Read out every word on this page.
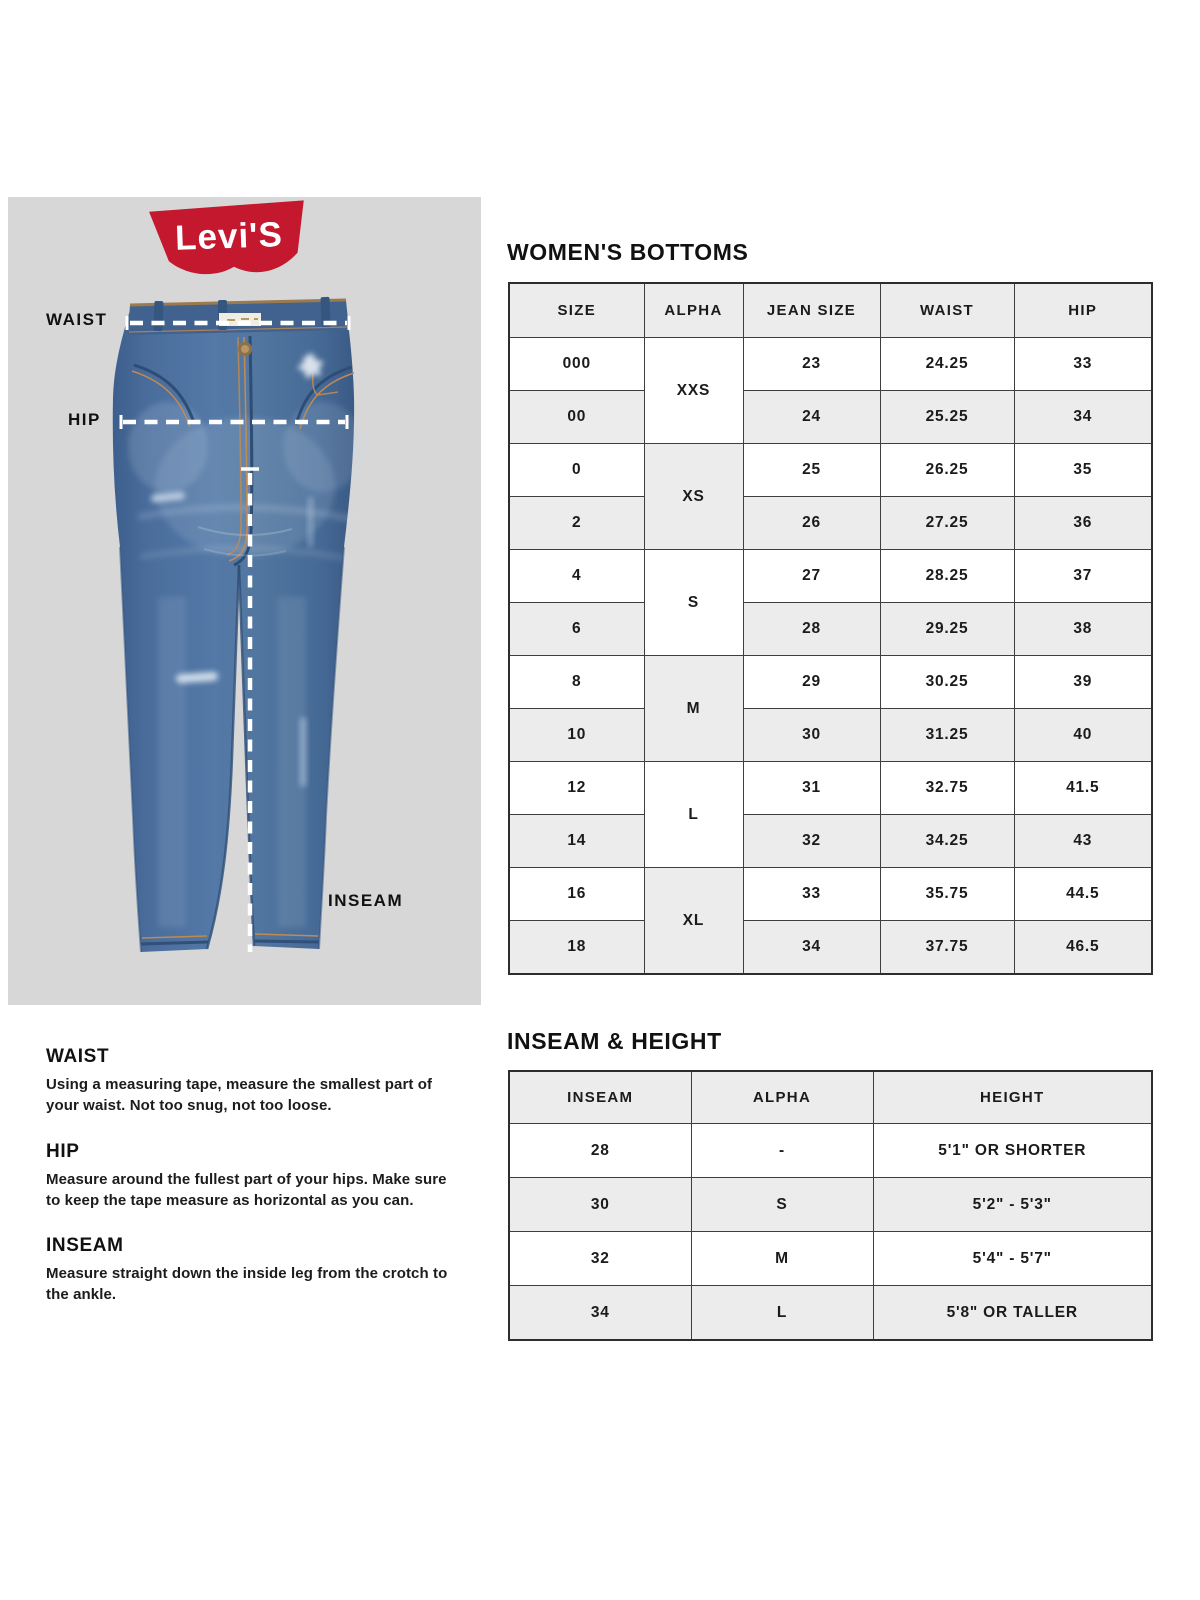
Levi'S
®
WAIST
HIP
INSEAM
WOMEN'S BOTTOMS
SIZE	ALPHA	JEAN SIZE	WAIST	HIP
000	XXS	23	24.25	33
00		24	25.25	34
0	XS	25	26.25	35
2		26	27.25	36
4	S	27	28.25	37
6		28	29.25	38
8	M	29	30.25	39
10		30	31.25	40
12	L	31	32.75	41.5
14		32	34.25	43
16	XL	33	35.75	44.5
18		34	37.75	46.5
WAIST

Using a measuring tape, measure the smallest part of your waist. Not too snug, not too loose.

HIP

Measure around the fullest part of your hips. Make sure to keep the tape measure as horizontal as you can.

INSEAM

Measure straight down the inside leg from the crotch to the ankle.

INSEAM & HEIGHT
INSEAM	ALPHA	HEIGHT
28	-	5'1" OR SHORTER
30	S	5'2" - 5'3"
32	M	5'4" - 5'7"
34	L	5'8" OR TALLER
